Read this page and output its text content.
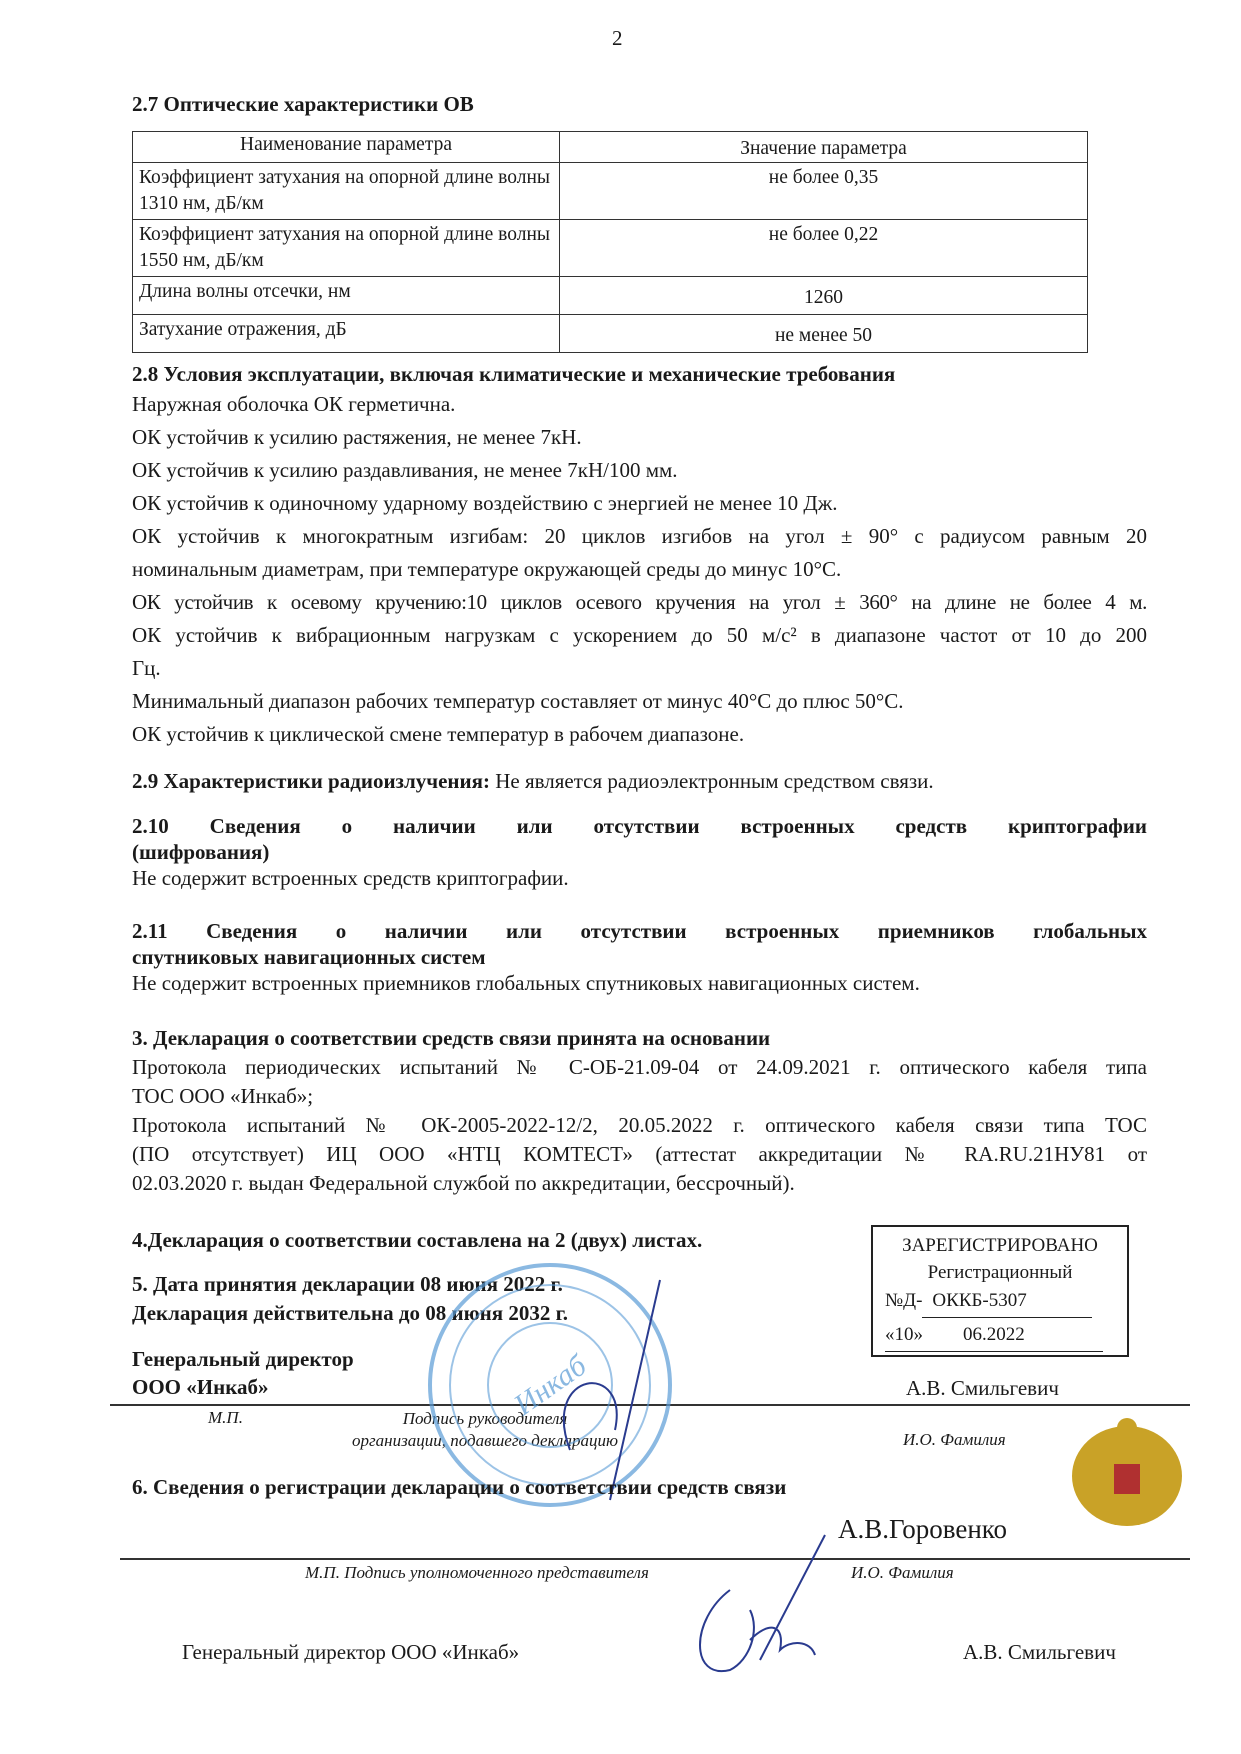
2
2.7 Оптические характеристики ОВ
Наименование параметра	Значение параметра
Коэффициент затухания на опорной длине волны 1310 нм, дБ/км	не более 0,35
Коэффициент затухания на опорной длине волны 1550 нм, дБ/км	не более 0,22
Длина волны отсечки, нм	1260
Затухание отражения, дБ	не менее 50
2.8 Условия эксплуатации, включая климатические и механические требования
Наружная оболочка ОК герметична.
ОК устойчив к усилию растяжения, не менее 7кН.
ОК устойчив к усилию раздавливания, не менее 7кН/100 мм.
ОК устойчив к одиночному ударному воздействию с энергией не менее 10 Дж.
ОК устойчив к многократным изгибам: 20 циклов изгибов на угол ± 90° с радиусом равным 20
номинальным диаметрам, при температуре окружающей среды до минус 10°С.
ОК устойчив к осевому кручению:10 циклов осевого кручения на угол ± 360° на длине не более 4 м.
ОК устойчив к вибрационным нагрузкам с ускорением до 50 м/с² в диапазоне частот от 10 до 200
Гц.
Минимальный диапазон рабочих температур составляет от минус 40°С до плюс 50°С.
ОК устойчив к циклической смене температур в рабочем диапазоне.
2.9 Характеристики радиоизлучения: Не является радиоэлектронным средством связи.
2.10 Сведения о наличии или отсутствии встроенных средств криптографии
(шифрования)
Не содержит встроенных средств криптографии.
2.11 Сведения о наличии или отсутствии встроенных приемников глобальных
спутниковых навигационных систем
Не содержит встроенных приемников глобальных спутниковых навигационных систем.
3. Декларация о соответствии средств связи принята на основании
Протокола периодических испытаний № С-ОБ-21.09-04 от 24.09.2021 г. оптического кабеля типа
ТОС ООО «Инкаб»;
Протокола испытаний № ОК-2005-2022-12/2, 20.05.2022 г. оптического кабеля связи типа ТОС
(ПО отсутствует) ИЦ ООО «НТЦ КОМТЕСТ» (аттестат аккредитации № RA.RU.21НУ81 от
02.03.2020 г. выдан Федеральной службой по аккредитации, бессрочный).
4.Декларация о соответствии составлена на 2 (двух) листах.
5. Дата принятия декларации 08 июня 2022 г.
Декларация действительна до 08 июня 2032 г.
ЗАРЕГИСТРИРОВАНО
Регистрационный
№Д- ОККБ-5307
«10» 06.2022
Генеральный директор
ООО «Инкаб»	А.В. Смильгевич
М.П.	Подпись руководителя
организации, подавшего декларацию	И.О. Фамилия
Инкаб
6. Сведения о регистрации декларации о соответствии средств связи
А.В.Горовенко
М.П. Подпись уполномоченного представителя	И.О. Фамилия
Генеральный директор ООО «Инкаб»	А.В. Смильгевич
